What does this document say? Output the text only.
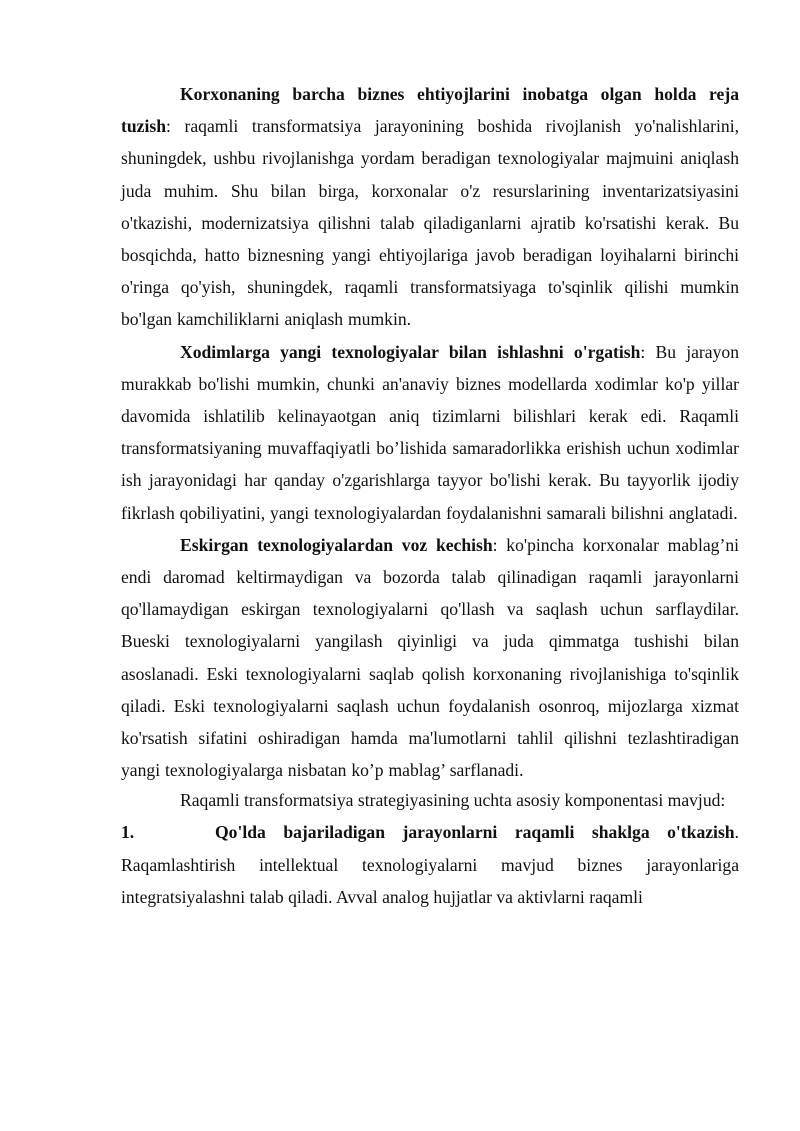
Korxonaning barcha biznes ehtiyojlarini inobatga olgan holda reja tuzish: raqamli transformatsiya jarayonining boshida rivojlanish yo'nalishlarini, shuningdek, ushbu rivojlanishga yordam beradigan texnologiyalar majmuini aniqlash juda muhim. Shu bilan birga, korxonalar o'z resurslarining inventarizatsiyasini o'tkazishi, modernizatsiya qilishni talab qiladiganlarni ajratib ko'rsatishi kerak. Bu bosqichda, hatto biznesning yangi ehtiyojlariga javob beradigan loyihalarni birinchi o'ringa qo'yish, shuningdek, raqamli transformatsiyaga to'sqinlik qilishi mumkin bo'lgan kamchiliklarni aniqlash mumkin.

Xodimlarga yangi texnologiyalar bilan ishlashni o'rgatish: Bu jarayon murakkab bo'lishi mumkin, chunki an'anaviy biznes modellarda xodimlar ko'p yillar davomida ishlatilib kelinayaotgan aniq tizimlarni bilishlari kerak edi. Raqamli transformatsiyaning muvaffaqiyatli bo’lishida samaradorlikka erishish uchun xodimlar ish jarayonidagi har qanday o'zgarishlarga tayyor bo'lishi kerak. Bu tayyorlik ijodiy fikrlash qobiliyatini, yangi texnologiyalardan foydalanishni samarali bilishni anglatadi.

Eskirgan texnologiyalardan voz kechish: ko'pincha korxonalar mablag’ni endi daromad keltirmaydigan va bozorda talab qilinadigan raqamli jarayonlarni qo'llamaydigan eskirgan texnologiyalarni qo'llash va saqlash uchun sarflaydilar. Bueski texnologiyalarni yangilash qiyinligi va juda qimmatga tushishi bilan asoslanadi. Eski texnologiyalarni saqlab qolish korxonaning rivojlanishiga to'sqinlik qiladi. Eski texnologiyalarni saqlash uchun foydalanish osonroq, mijozlarga xizmat ko'rsatish sifatini oshiradigan hamda ma'lumotlarni tahlil qilishni tezlashtiradigan yangi texnologiyalarga nisbatan ko’p mablag’ sarflanadi.

Raqamli transformatsiya strategiyasining uchta asosiy komponentasi mavjud:

1.	Qo'lda bajariladigan jarayonlarni raqamli shaklga o'tkazish. Raqamlashtirish intellektual texnologiyalarni mavjud biznes jarayonlariga integratsiyalashni talab qiladi. Avval analog hujjatlar va aktivlarni raqamli
